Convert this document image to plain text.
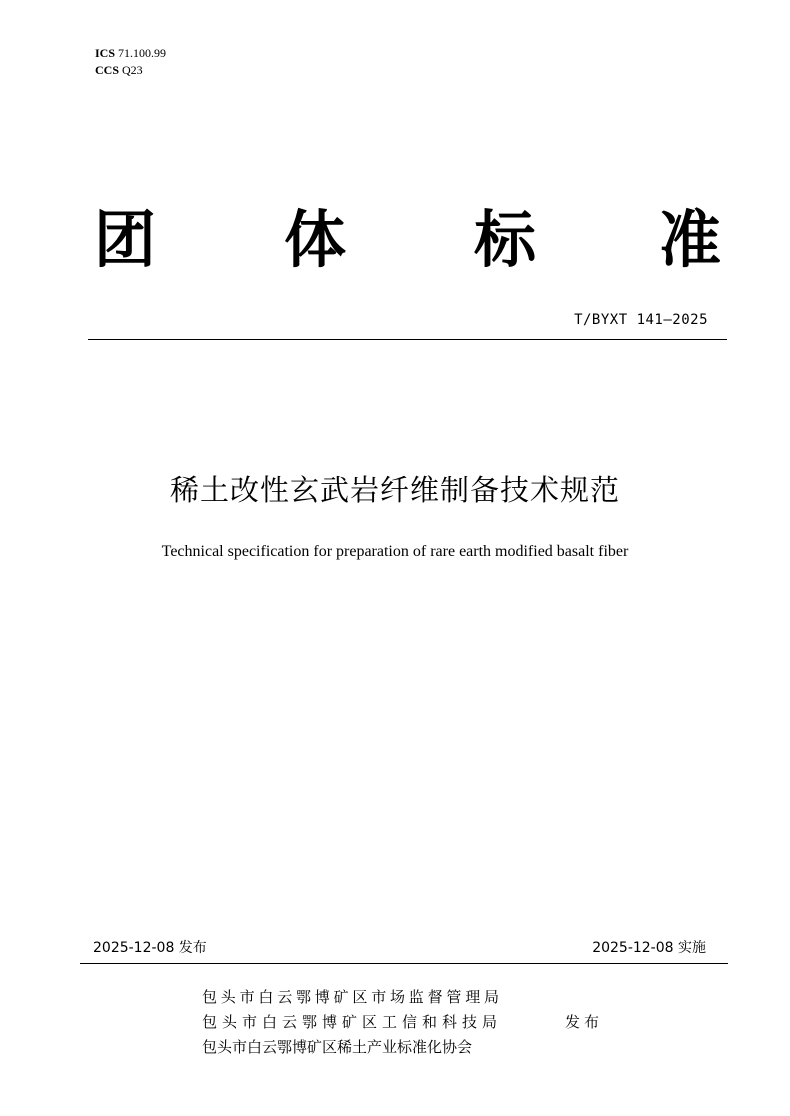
ICS 71.100.99
CCS Q23
团 体 标 准
T/BYXT 141—2025
稀土改性玄武岩纤维制备技术规范
Technical specification for preparation of rare earth modified basalt fiber
2025-12-08 发布	2025-12-08 实施
包头市白云鄂博矿区市场监督管理局
包头市白云鄂博矿区工信和科技局
包头市白云鄂博矿区稀土产业标准化协会
发布
